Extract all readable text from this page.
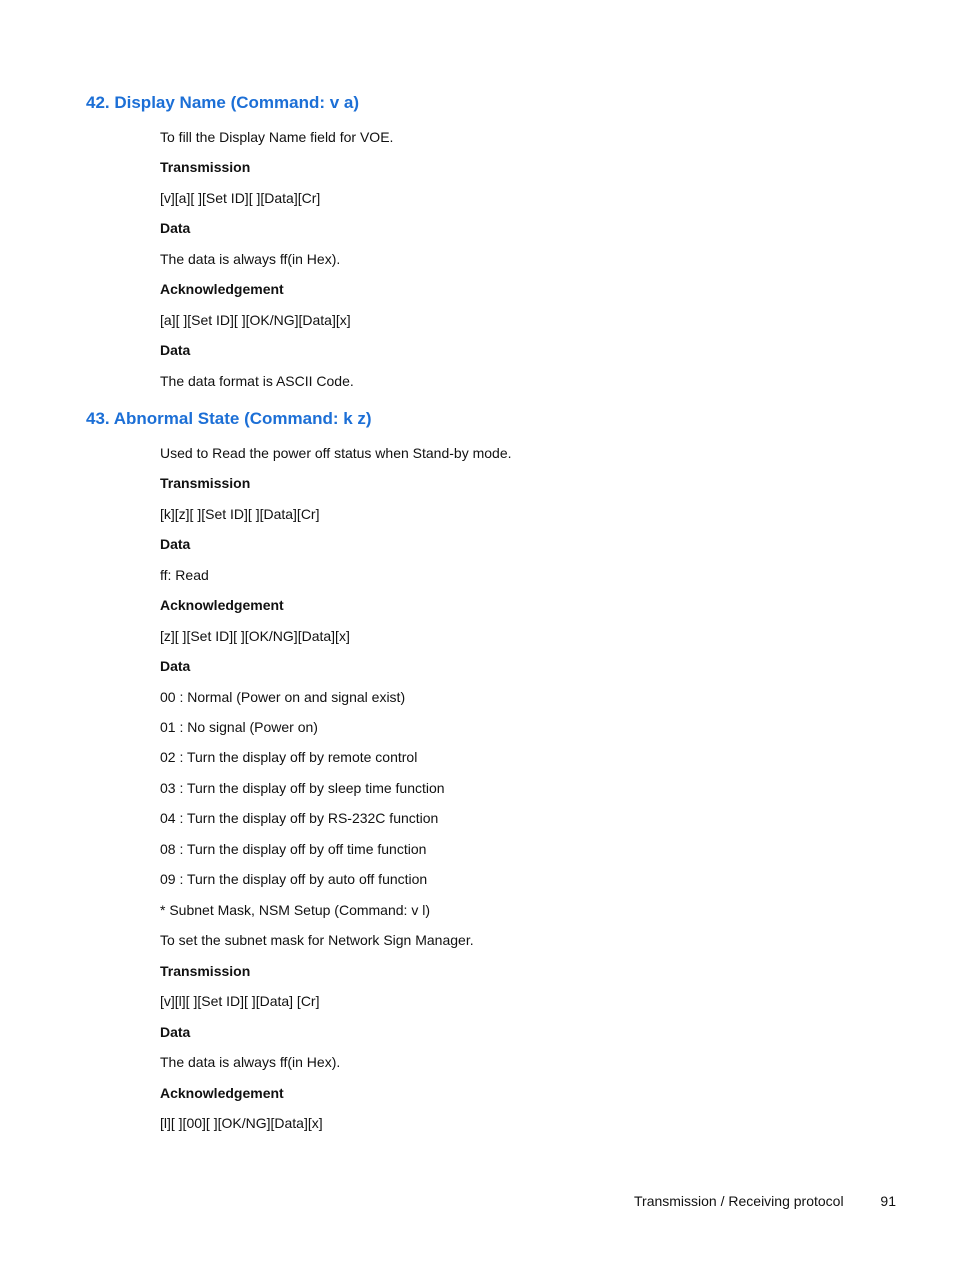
42. Display Name (Command: v a)
To fill the Display Name field for VOE.
Transmission
[v][a][ ][Set ID][ ][Data][Cr]
Data
The data is always ff(in Hex).
Acknowledgement
[a][ ][Set ID][ ][OK/NG][Data][x]
Data
The data format is ASCII Code.
43. Abnormal State (Command: k z)
Used to Read the power off status when Stand-by mode.
Transmission
[k][z][ ][Set ID][ ][Data][Cr]
Data
ff: Read
Acknowledgement
[z][ ][Set ID][ ][OK/NG][Data][x]
Data
00 : Normal (Power on and signal exist)
01 : No signal (Power on)
02 : Turn the display off by remote control
03 : Turn the display off by sleep time function
04 : Turn the display off by RS-232C function
08 : Turn the display off by off time function
09 : Turn the display off by auto off function
* Subnet Mask, NSM Setup (Command: v l)
To set the subnet mask for Network Sign Manager.
Transmission
[v][l][ ][Set ID][ ][Data] [Cr]
Data
The data is always ff(in Hex).
Acknowledgement
[l][ ][00][ ][OK/NG][Data][x]
Transmission / Receiving protocol	91
